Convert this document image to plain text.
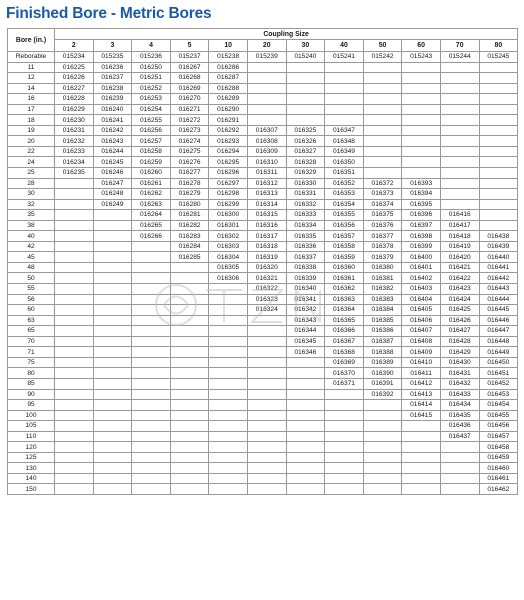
Finished Bore - Metric Bores
Bore (in.)	Coupling Size											
	2	3	4	5	10	20	30	40	50	60	70	80
Reborable	015234	015235	015236	015237	015238	015239	015240	015241	015242	015243	015244	015245
11	016225	016236	016250	016267	016286							
12	016226	016237	016251	016268	016287							
14	016227	016238	016252	016269	016288							
16	016228	016239	016253	016270	016289							
17	016229	016240	016254	016271	016290							
18	016230	016241	016255	016272	016291							
19	016231	016242	016256	016273	016292	016307	016325	016347				
20	016232	016243	016257	016274	016293	016308	016326	016348				
22	016233	016244	016258	016275	016294	016309	016327	016349				
24	016234	016245	016259	016276	016295	016310	016328	016350				
25	016235	016246	016260	016277	016296	016311	016329	016351				
28		016247	016261	016278	016297	016312	016330	016352	016372	016393		
30		016248	016262	016279	016298	016313	016331	016353	016373	016394		
32		016249	016263	016280	016299	016314	016332	016354	016374	016395		
35			016264	016281	016300	016315	016333	016355	016375	016396	016416	
38			016265	016282	016301	016316	016334	016356	016376	016397	016417	
40			016266	016283	016302	016317	016335	016357	016377	016398	016418	016438
42				016284	016303	016318	016336	016358	016378	016399	016419	016439
45				016285	016304	016319	016337	016359	016379	016400	016420	016440
48					016305	016320	016338	016360	016380	016401	016421	016441
50					016306	016321	016339	016361	016381	016402	016422	016442
55						016322	016340	016362	016382	016403	016423	016443
56						016323	016341	016363	016383	016404	016424	016444
60						016324	016342	016364	016384	016405	016425	016445
63							016343	016365	016385	016406	016426	016446
65							016344	016366	016386	016407	016427	016447
70							016345	016367	016387	016408	016428	016448
71							016346	016368	016388	016409	016429	016449
75								016369	016389	016410	016430	016450
80								016370	016390	016411	016431	016451
85								016371	016391	016412	016432	016452
90									016392	016413	016433	016453
95										016414	016434	016454
100										016415	016435	016455
105											016436	016456
110											016437	016457
120												016458
125												016459
130												016460
140												016461
150												016462
